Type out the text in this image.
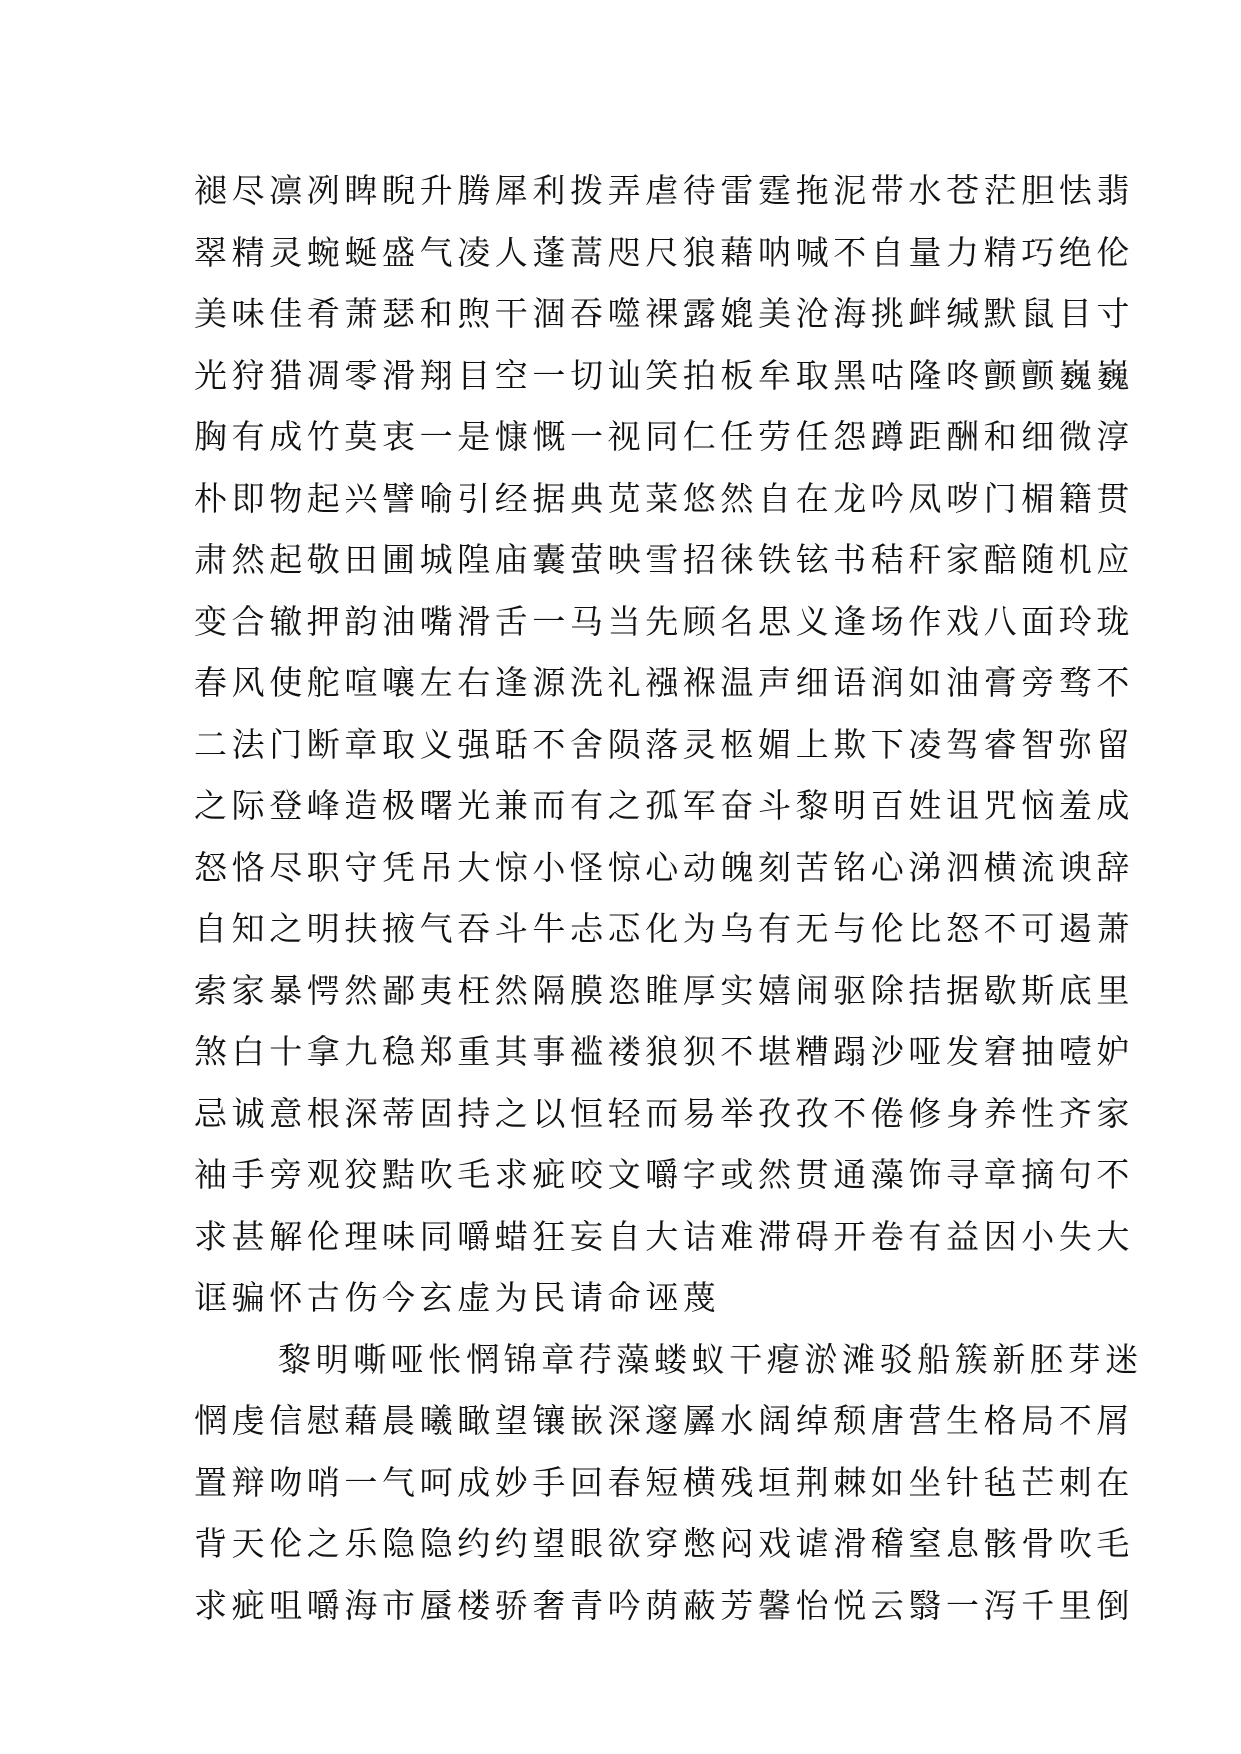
褪尽凛冽睥睨升腾犀利拨弄虐待雷霆拖泥带水苍茫胆怯翡
翠精灵蜿蜒盛气凌人蓬蒿咫尺狼藉呐喊不自量力精巧绝伦
美味佳肴萧瑟和煦干涸吞噬裸露媲美沧海挑衅缄默鼠目寸
光狩猎凋零滑翔目空一切讪笑拍板牟取黑咕隆咚颤颤巍巍
胸有成竹莫衷一是慷慨一视同仁任劳任怨蹲距酬和细微淳
朴即物起兴譬喻引经据典苋菜悠然自在龙吟凤哕门楣籍贯
肃然起敬田圃城隍庙囊萤映雪招徕铁铉书秸秆家醅随机应
变合辙押韵油嘴滑舌一马当先顾名思义逢场作戏八面玲珑
春风使舵喧嚷左右逢源洗礼襁褓温声细语润如油膏旁骛不
二法门断章取义强聒不舍陨落灵柩媚上欺下凌驾睿智弥留
之际登峰造极曙光兼而有之孤军奋斗黎明百姓诅咒恼羞成
怒恪尽职守凭吊大惊小怪惊心动魄刻苦铭心涕泗横流谀辞
自知之明扶掖气吞斗牛忐忑化为乌有无与伦比怒不可遏萧
索家暴愕然鄙夷枉然隔膜恣睢厚实嬉闹驱除拮据歇斯底里
煞白十拿九稳郑重其事褴褛狼狈不堪糟蹋沙哑发窘抽噎妒
忌诚意根深蒂固持之以恒轻而易举孜孜不倦修身养性齐家
袖手旁观狡黠吹毛求疵咬文嚼字或然贯通藻饰寻章摘句不
求甚解伦理味同嚼蜡狂妄自大诘难滞碍开卷有益因小失大
诓骗怀古伤今玄虚为民请命诬蔑
黎明嘶哑怅惘锦章荇藻蝼蚁干瘪淤滩驳船簇新胚芽迷
惘虔信慰藉晨曦瞰望镶嵌深邃羼水阔绰颓唐营生格局不屑
置辩吻哨一气呵成妙手回春短横残垣荆棘如坐针毡芒刺在
背天伦之乐隐隐约约望眼欲穿憋闷戏谑滑稽窒息骸骨吹毛
求疵咀嚼海市蜃楼骄奢青吟荫蔽芳馨怡悦云翳一泻千里倒
